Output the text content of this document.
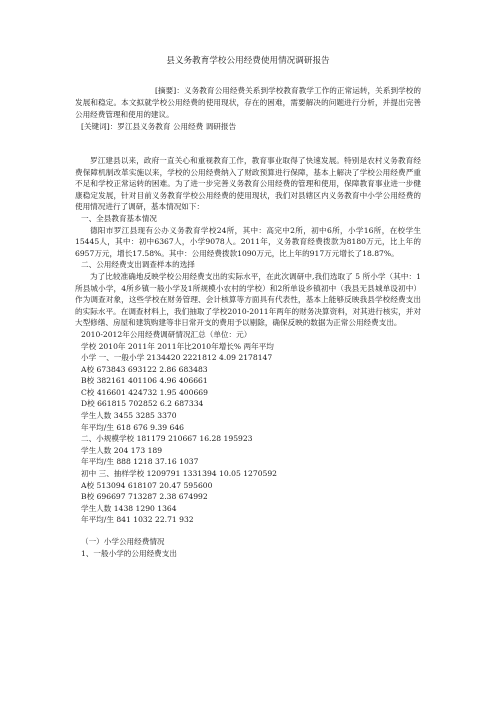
县义务教育学校公用经费使用情况调研报告
[摘要]：义务教育公用经费关系到学校教育教学工作的正常运转，关系到学校的发展和稳定。本文拟就学校公用经费的使用现状，存在的困难，需要解决的问题进行分析，并提出完善公用经费管理和使用的建议。
[关键词]：罗江县义务教育 公用经费 调研报告

罗江建县以来，政府一直关心和重视教育工作，教育事业取得了快速发展。特别是农村义务教育经费保障机制改革实施以来，学校的公用经费纳入了财政预算进行保障，基本上解决了学校公用经费严重不足和学校正常运转的困难。为了进一步完善义务教育公用经费的管理和使用，保障教育事业进一步健康稳定发展，针对目前义务教育学校公用经费的使用现状，我们对县辖区内义务教育中小学公用经费的使用情况进行了调研，基本情况如下：

一、全县教育基本情况

德阳市罗江县现有公办义务教育学校24所，其中：高完中2所，初中6所，小学16所，在校学生15445人，其中：初中6367人，小学9078人。2011年，义务教育经费拨款为8180万元，比上年的6957万元，增长17.58%。其中：公用经费拨款1090万元，比上年的917万元增长了18.87%。

二、公用经费支出调查样本的选择

为了比较准确地反映学校公用经费支出的实际水平，在此次调研中,我们选取了 5 所小学（其中：1所县城小学，4所乡镇一般小学及1所规模小农村的学校）和2所单设乡镇初中（我县无县城单设初中）作为调查对象，这些学校在财务管理、会计核算等方面具有代表性，基本上能够反映我县学校经费支出的实际水平。在调查材料上，我们抽取了学校2010-2011年两年的财务决算资料，对其进行核实，并对大型修缮、房屋和建筑购建等非日常开支的费用予以剔除，确保反映的数据为正常公用经费支出。

2010-2012年公用经费调研情况汇总（单位：元）

学校 2010年 2011年 2011年比2010年增长% 两年平均

小学 一、一般小学 2134420 2221812 4.09 2178147

A校 673843 693122 2.86 683483

B校 382161 401106 4.96 406661

C校 416601 424732 1.95 400669

D校 661815 702852 6.2 687334

学生人数 3455 3285 3370

年平均/生 618 676 9.39 646

二、小规模学校 181179 210667 16.28 195923

学生人数 204 173 189

年平均/生 888 1218 37.16 1037

初中 三、抽样学校 1209791 1331394 10.05 1270592

A校 513094 618107 20.47 595600

B校 696697 713287 2.38 674992

学生人数 1438 1290 1364

年平均/生 841 1032 22.71 932

（一）小学公用经费情况

1、一般小学的公用经费支出
